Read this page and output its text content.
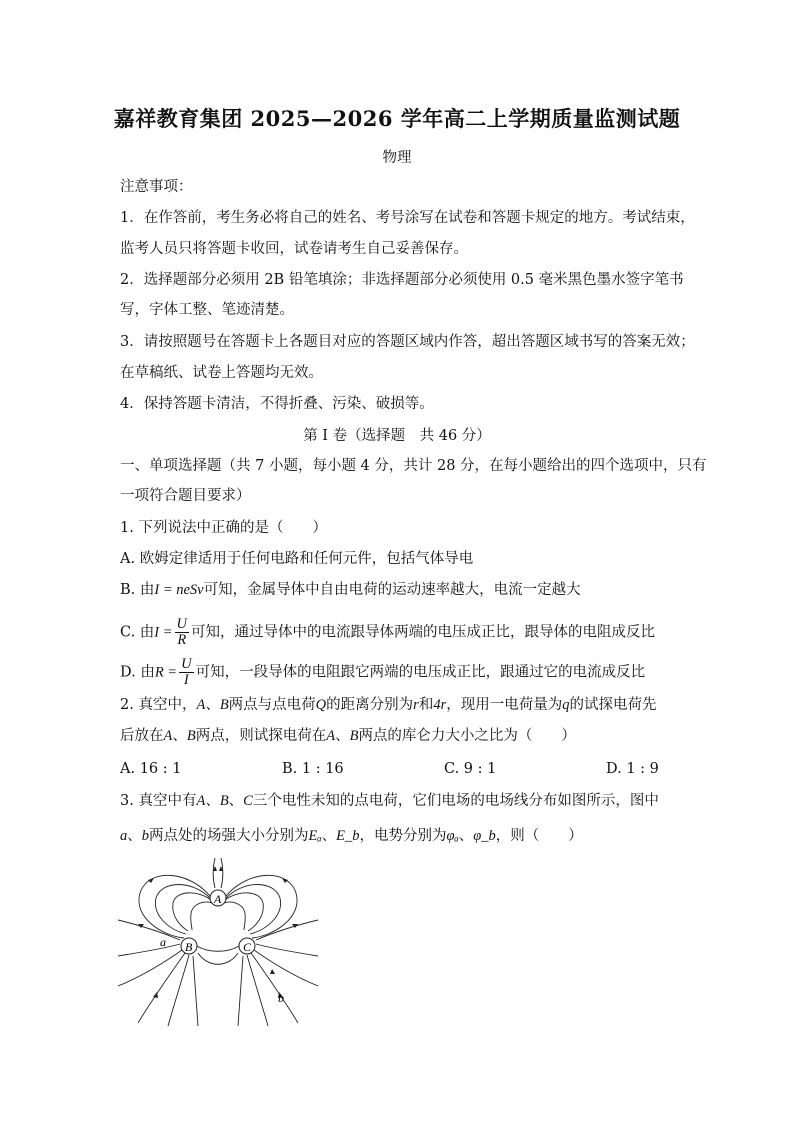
嘉祥教育集团 2025—2026 学年高二上学期质量监测试题
物理
注意事项：
1．在作答前，考生务必将自己的姓名、考号涂写在试卷和答题卡规定的地方。考试结束，
监考人员只将答题卡收回，试卷请考生自己妥善保存。
2．选择题部分必须用 2B 铅笔填涂；非选择题部分必须使用 0.5 毫米黑色墨水签字笔书
写，字体工整、笔迹清楚。
3．请按照题号在答题卡上各题目对应的答题区域内作答，超出答题区域书写的答案无效；
在草稿纸、试卷上答题均无效。
4．保持答题卡清洁，不得折叠、污染、破损等。
第 I 卷（选择题　共 46 分）
一、单项选择题（共 7 小题，每小题 4 分，共计 28 分，在每小题给出的四个选项中，只有
一项符合题目要求）
1. 下列说法中正确的是（　　）
A. 欧姆定律适用于任何电路和任何元件，包括气体导电
B. 由I = neSv可知，金属导体中自由电荷的运动速率越大，电流一定越大
C. 由$I = \frac{U}{R}$ 可知，通过导体中的电流跟导体两端的电压成正比，跟导体的电阻成反比
D. 由$R = \frac{U}{I}$ 可知，一段导体的电阻跟它两端的电压成正比，跟通过它的电流成反比
2. 真空中，A、B两点与点电荷Q的距离分别为r和4r，现用一电荷量为q的试探电荷先
后放在A、B两点，则试探电荷在A、B两点的库仑力大小之比为（　　）
A. 16 : 1	B. 1 : 16	C. 9 : 1	D. 1 : 9
3. 真空中有A、B、C三个电性未知的点电荷，它们电场的电场线分布如图所示，图中
a、b两点处的场强大小分别为Eₐ、E_b，电势分别为φₐ、φ_b，则（　　）
A
B	C
a
b
